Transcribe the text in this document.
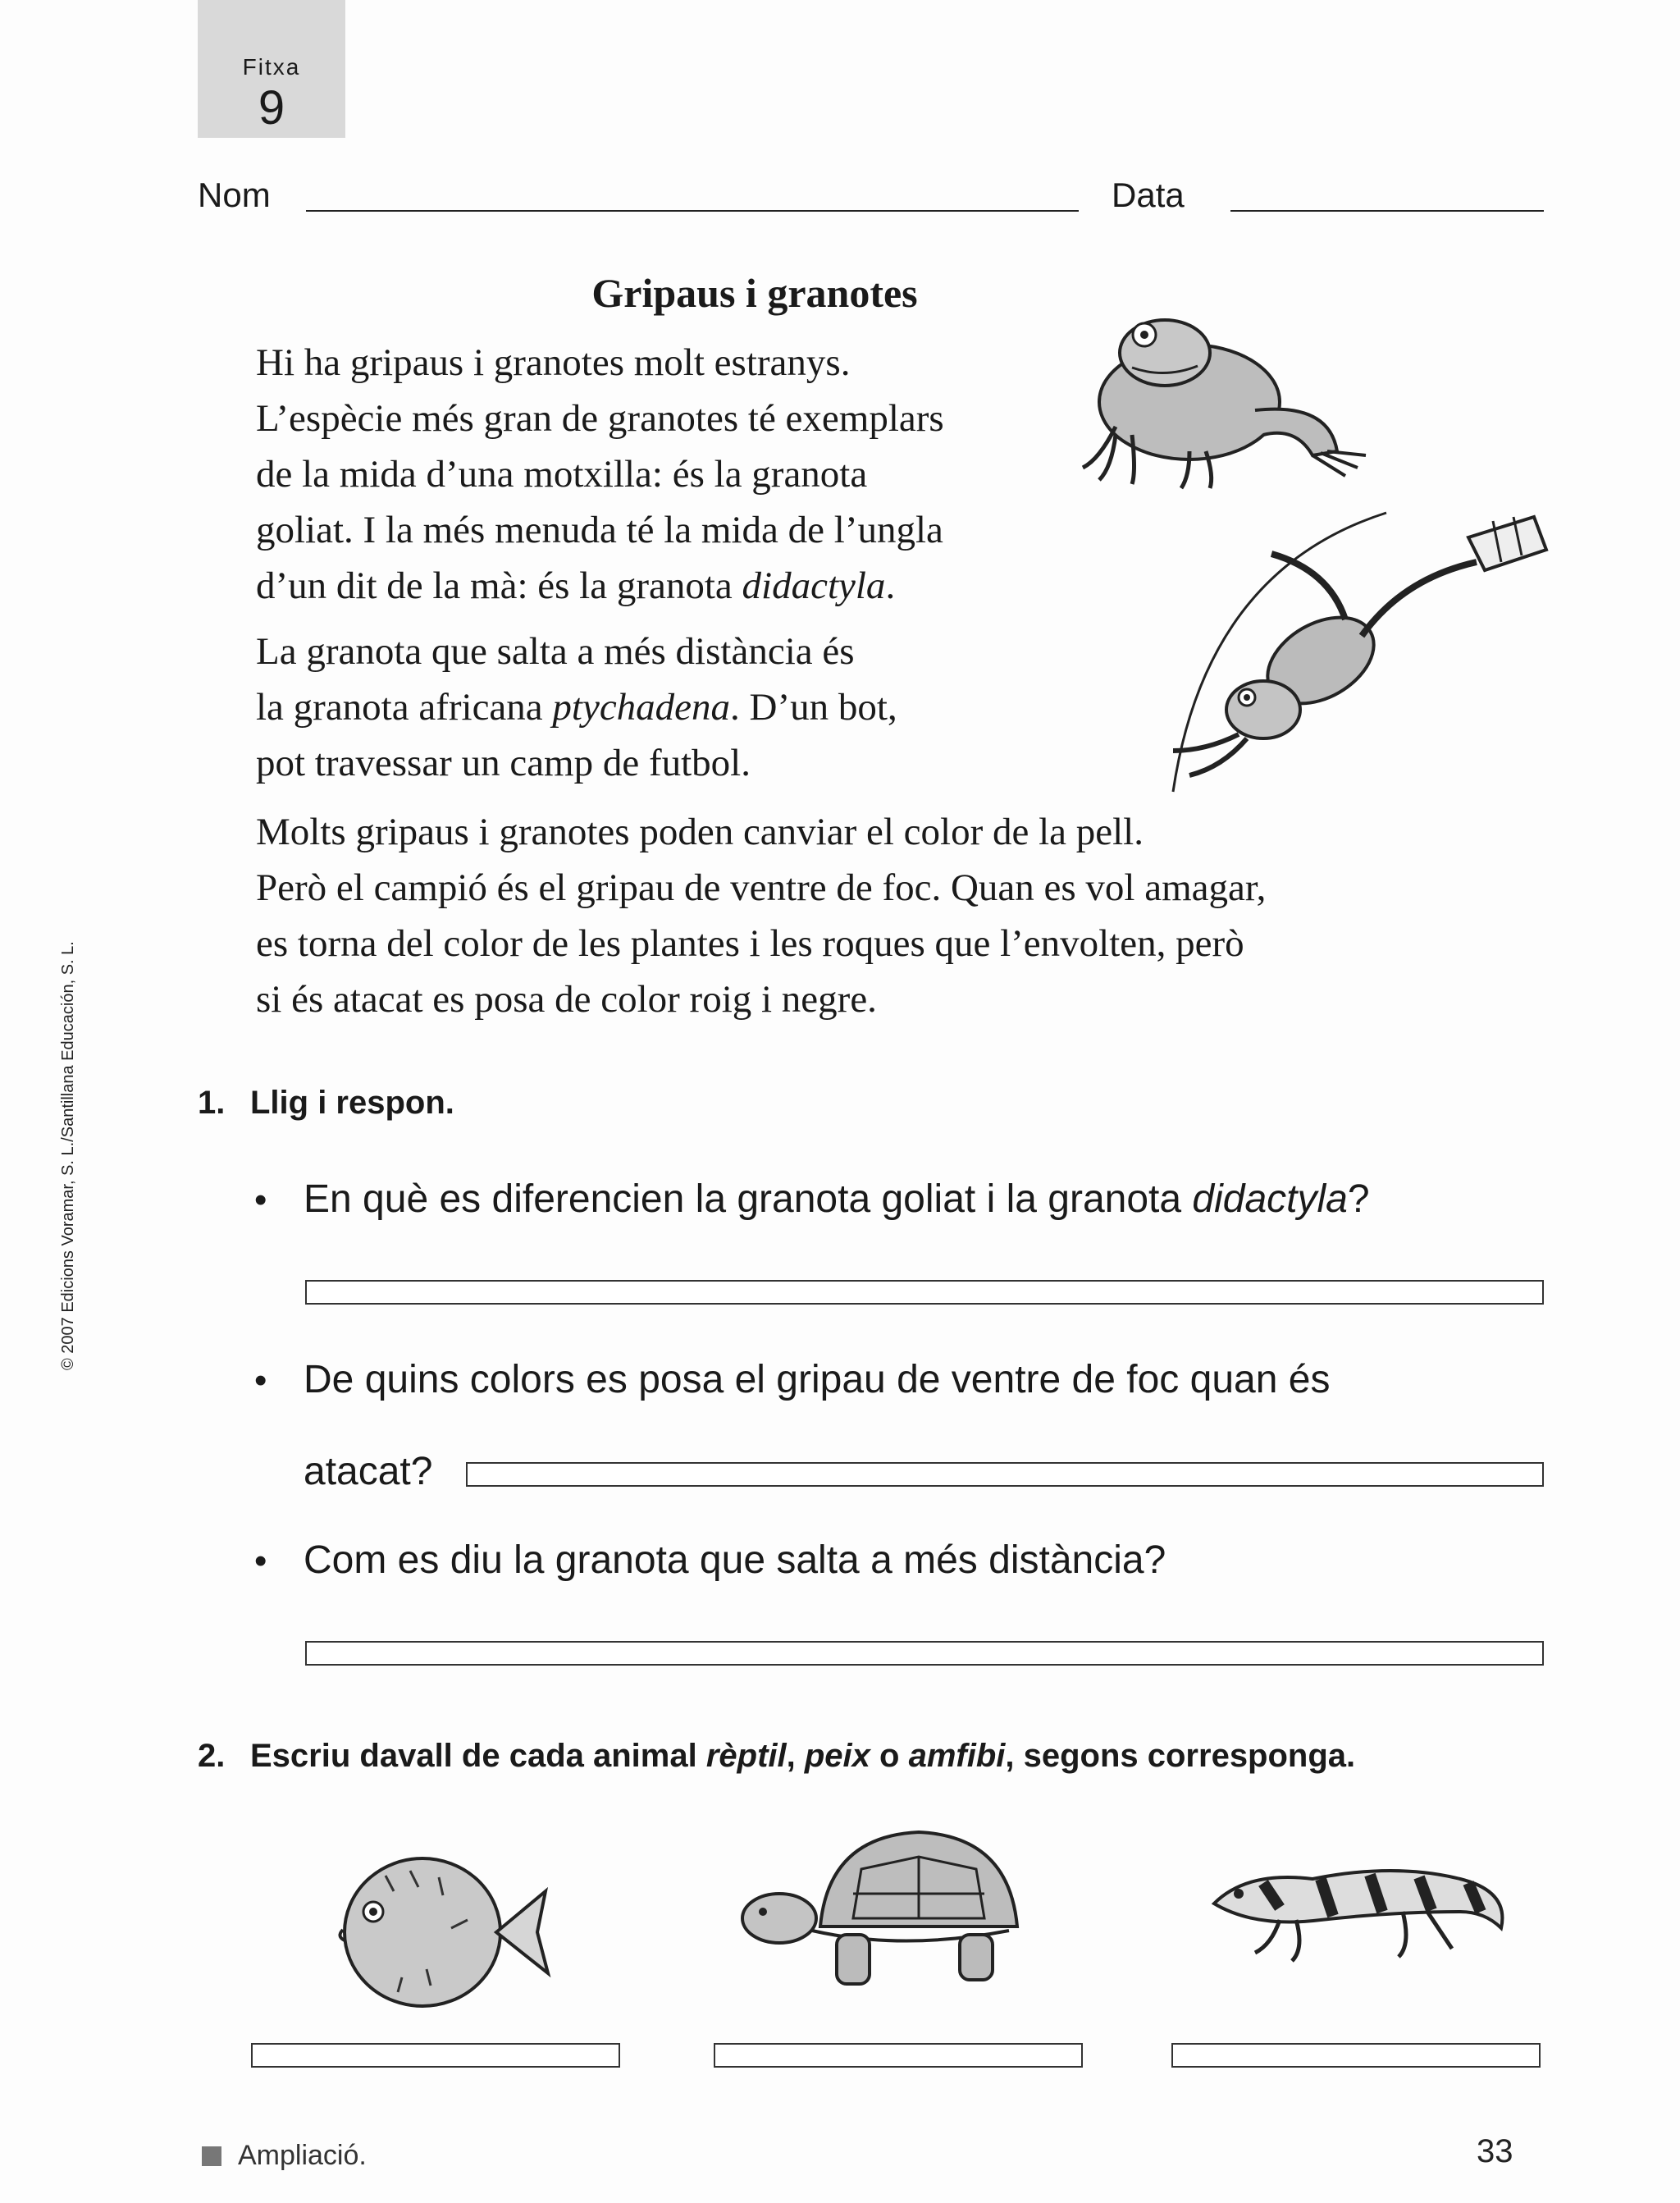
Fitxa
9
Nom	Data
Gripaus i granotes

Hi ha gripaus i granotes molt estranys.

L’espècie més gran de granotes té exemplars

de la mida d’una motxilla: és la granota

goliat. I la més menuda té la mida de l’ungla

d’un dit de la mà: és la granota didactyla.

La granota que salta a més distància és

la granota africana ptychadena. D’un bot,

pot travessar un camp de futbol.

Molts gripaus i granotes poden canviar el color de la pell.

Però el campió és el gripau de ventre de foc. Quan es vol amagar,

es torna del color de les plantes i les roques que l’envolten, però

si és atacat es posa de color roig i negre.

1. Llig i respon.
• En què es diferencien la granota goliat i la granota didactyla?
• De quins colors es posa el gripau de ventre de foc quan és
atacat?
• Com es diu la granota que salta a més distància?
2. Escriu davall de cada animal rèptil, peix o amfibi, segons corresponga.
© 2007 Edicions Voramar, S. L./Santillana Educación, S. L.
Ampliació.	33
